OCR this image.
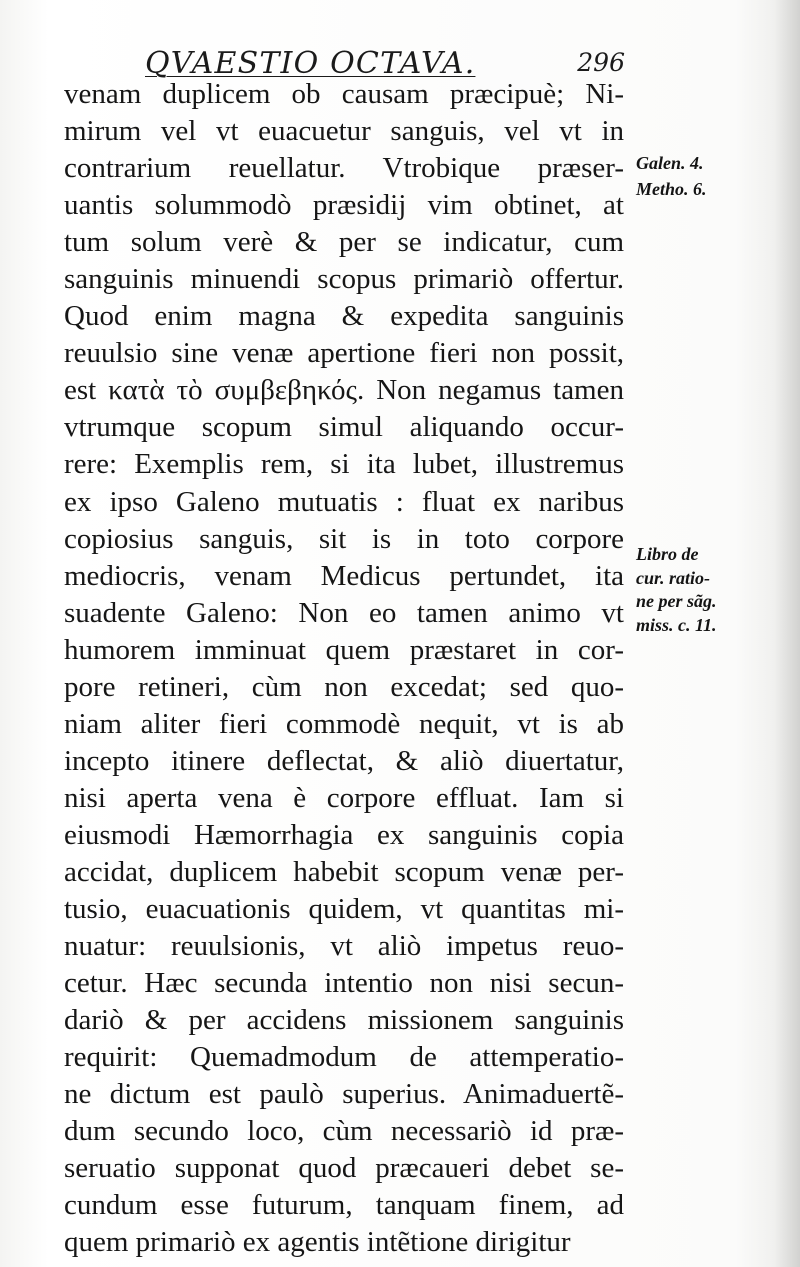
QVAESTIO OCTAVA.	296
venam duplicem ob causam præcipuè; Ni-
mirum vel vt euacuetur sanguis, vel vt in
contrarium reuellatur. Vtrobique præser-
uantis solummodò præsidij vim obtinet, at
tum solum verè & per se indicatur, cum
sanguinis minuendi scopus primariò offertur.
Quod enim magna & expedita sanguinis
reuulsio sine venæ apertione fieri non possit,
est κατὰ τὸ συμβεβηκός. Non negamus tamen
vtrumque scopum simul aliquando occur-
rere: Exemplis rem, si ita lubet, illustremus
ex ipso Galeno mutuatis : fluat ex naribus
copiosius sanguis, sit is in toto corpore
mediocris, venam Medicus pertundet, ita
suadente Galeno: Non eo tamen animo vt
humorem imminuat quem præstaret in cor-
pore retineri, cùm non excedat; sed quo-
niam aliter fieri commodè nequit, vt is ab
incepto itinere deflectat, & aliò diuertatur,
nisi aperta vena è corpore effluat. Iam si
eiusmodi Hæmorrhagia ex sanguinis copia
accidat, duplicem habebit scopum venæ per-
tusio, euacuationis quidem, vt quantitas mi-
nuatur: reuulsionis, vt aliò impetus reuo-
cetur. Hæc secunda intentio non nisi secun-
dariò & per accidens missionem sanguinis
requirit: Quemadmodum de attemperatio-
ne dictum est paulò superius. Animaduertẽ-
dum secundo loco, cùm necessariò id præ-
seruatio supponat quod præcaueri debet se-
cundum esse futurum, tanquam finem, ad
quem primariò ex agentis intẽtione dirigitur
Galen. 4.
Metho. 6.
Libro de
cur. ratio-
ne per sãg.
miss. c. 11.
